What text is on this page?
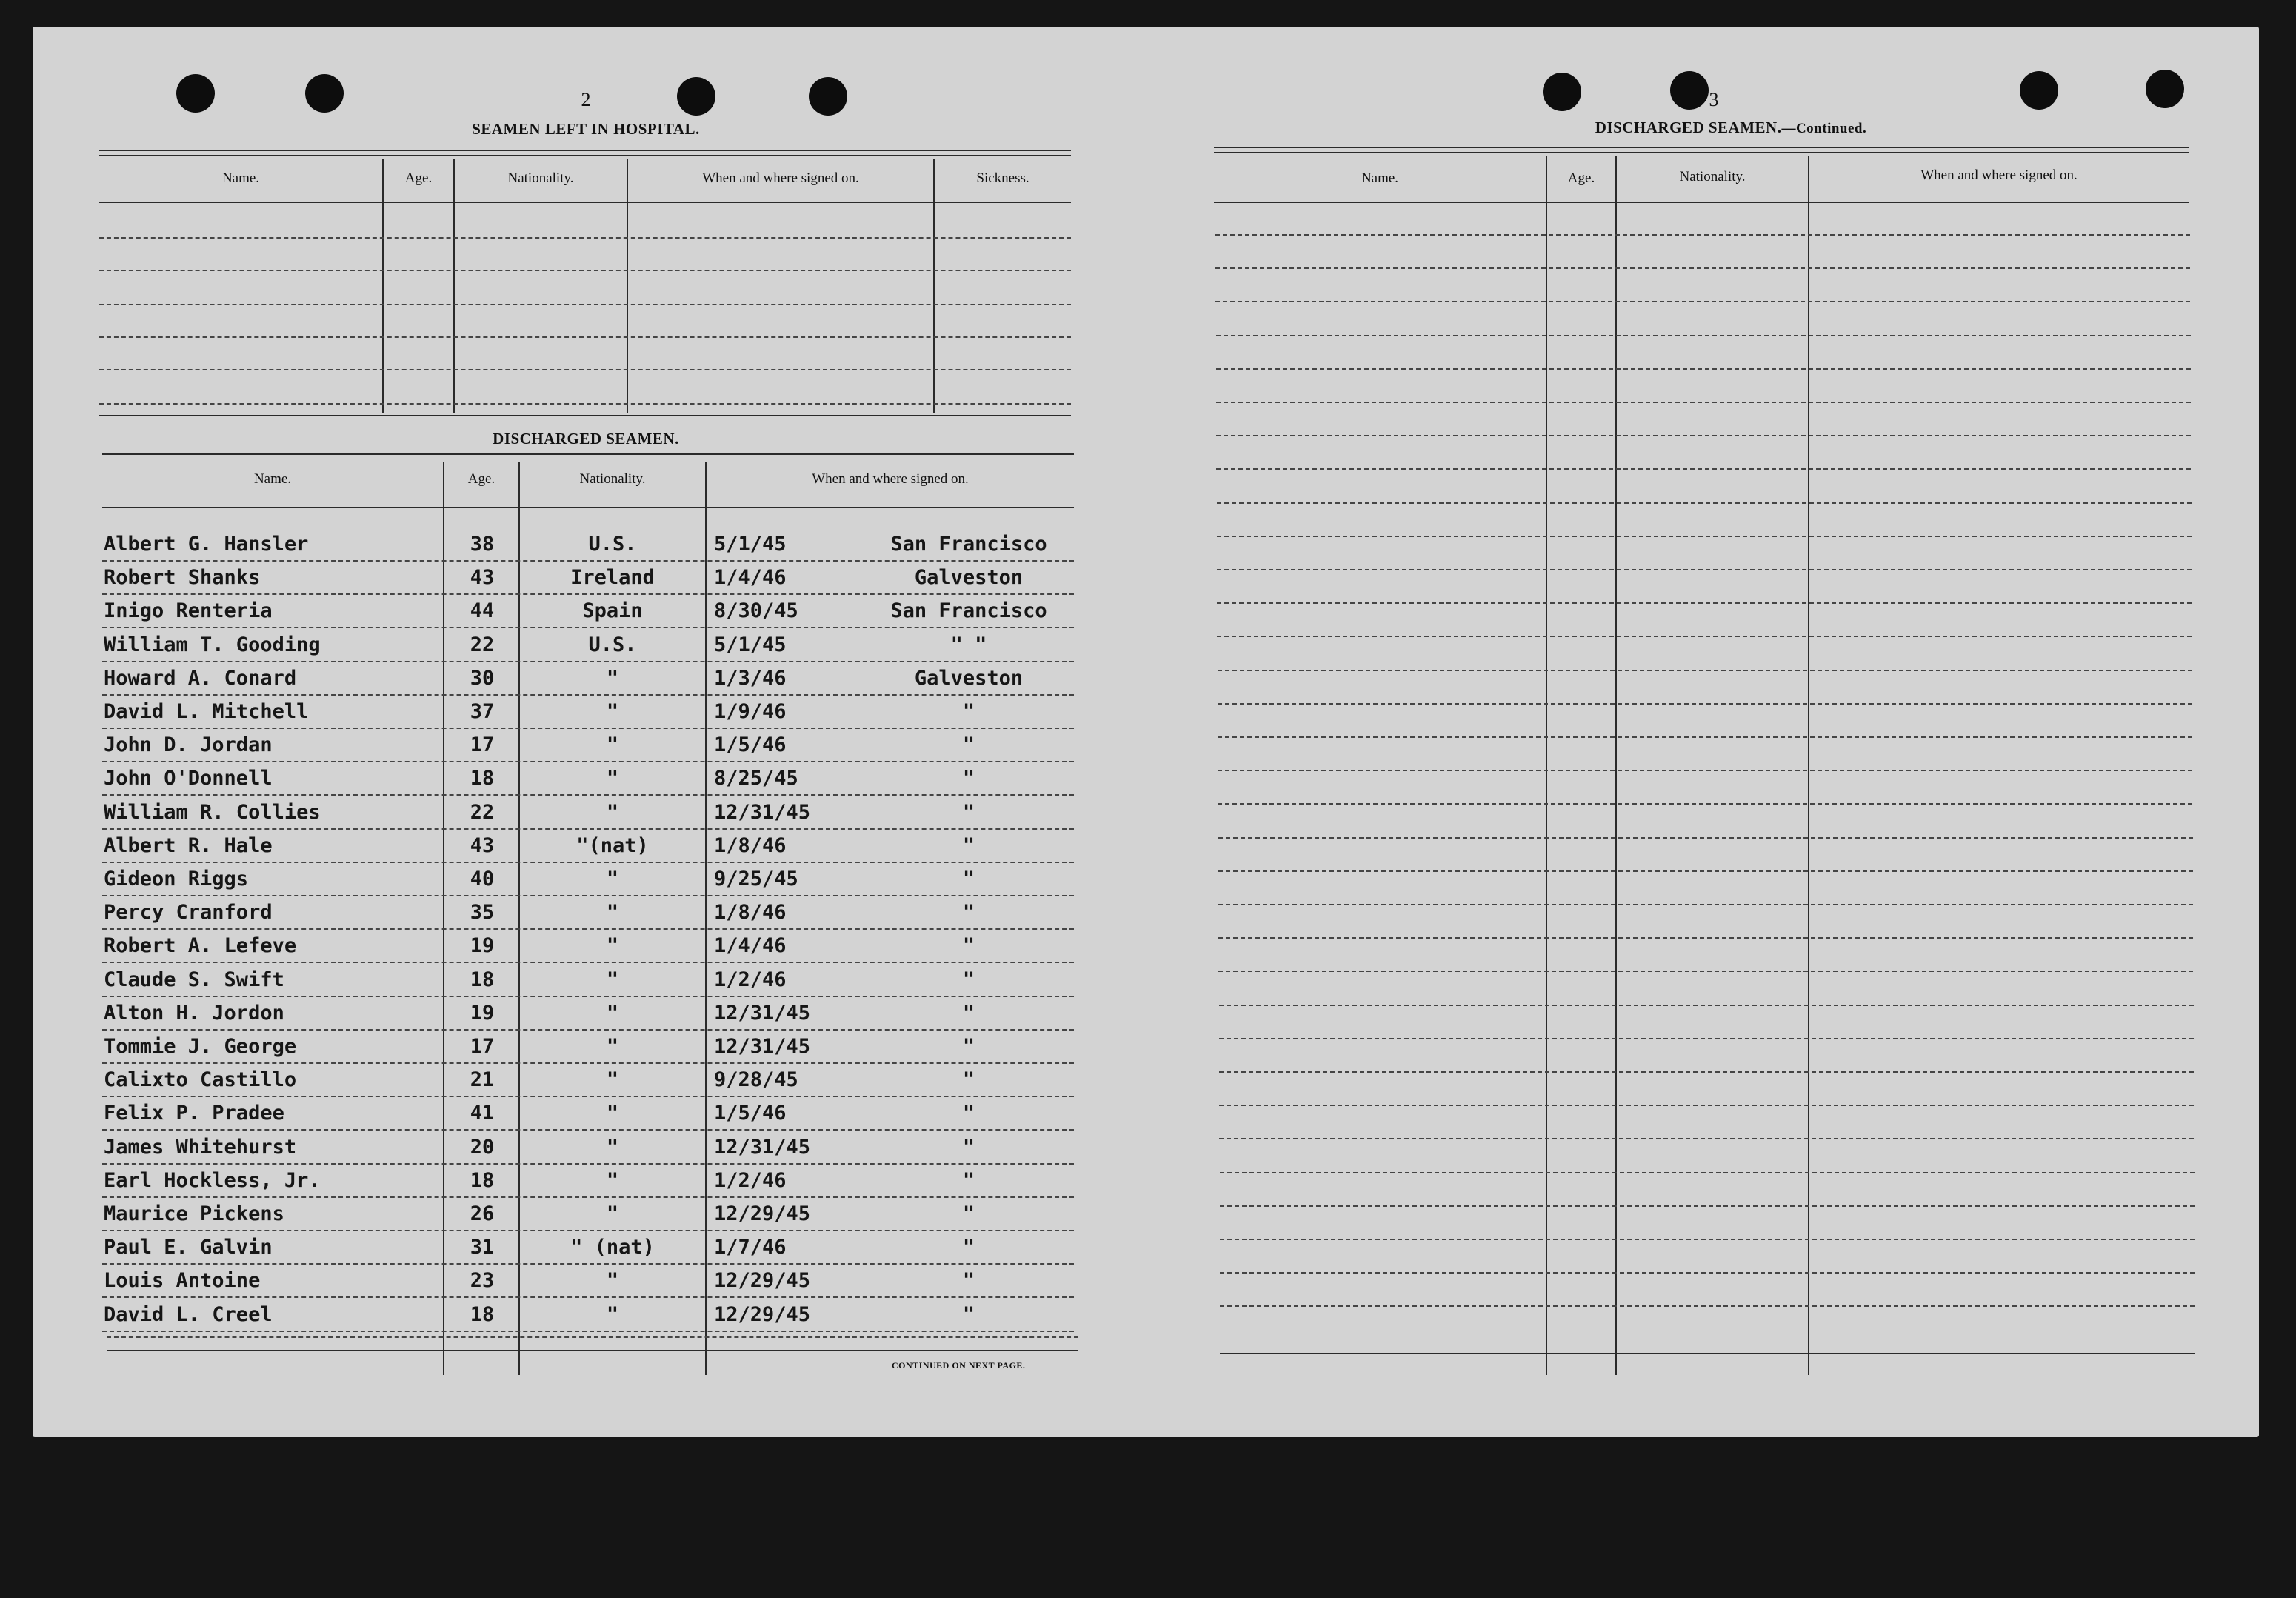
2
SEAMEN LEFT IN HOSPITAL.
Name.	Age.	Nationality.	When and where signed on.	Sickness.
DISCHARGED SEAMEN.
Name.	Age.	Nationality.	When and where signed on.
Albert G. Hansler	38	U.S.	5/1/45	San Francisco
Robert Shanks	43	Ireland	1/4/46	Galveston
Inigo Renteria	44	Spain	8/30/45	San Francisco
William T. Gooding	22	U.S.	5/1/45	" "
Howard A. Conard	30	"	1/3/46	Galveston
David L. Mitchell	37	"	1/9/46	"
John D. Jordan	17	"	1/5/46	"
John O'Donnell	18	"	8/25/45	"
William R. Collies	22	"	12/31/45	"
Albert R. Hale	43	"(nat)	1/8/46	"
Gideon Riggs	40	"	9/25/45	"
Percy Cranford	35	"	1/8/46	"
Robert A. Lefeve	19	"	1/4/46	"
Claude S. Swift	18	"	1/2/46	"
Alton H. Jordon	19	"	12/31/45	"
Tommie J. George	17	"	12/31/45	"
Calixto Castillo	21	"	9/28/45	"
Felix P. Pradee	41	"	1/5/46	"
James Whitehurst	20	"	12/31/45	"
Earl Hockless, Jr.	18	"	1/2/46	"
Maurice Pickens	26	"	12/29/45	"
Paul E. Galvin	31	" (nat)	1/7/46	"
Louis Antoine	23	"	12/29/45	"
David L. Creel	18	"	12/29/45	"
CONTINUED ON NEXT PAGE.
3
DISCHARGED SEAMEN.—Continued.
Name.	Age.	Nationality.	When and where signed on.
